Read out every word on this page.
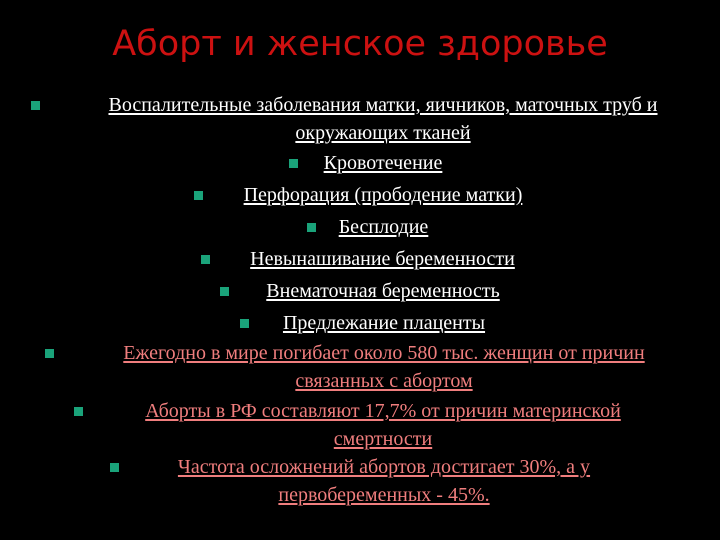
Аборт и женское здоровье
Воспалительные заболевания матки, яичников, маточных труб и
окружающих тканей
Кровотечение
Перфорация (прободение матки)
Бесплодие
Невынашивание беременности
Внематочная беременность
Предлежание плаценты
Ежегодно в мире погибает около 580 тыс. женщин от причин
связанных с абортом
Аборты в РФ составляют 17,7% от причин материнской
смертности
Частота осложнений абортов достигает 30%, а у
первобеременных - 45%.
